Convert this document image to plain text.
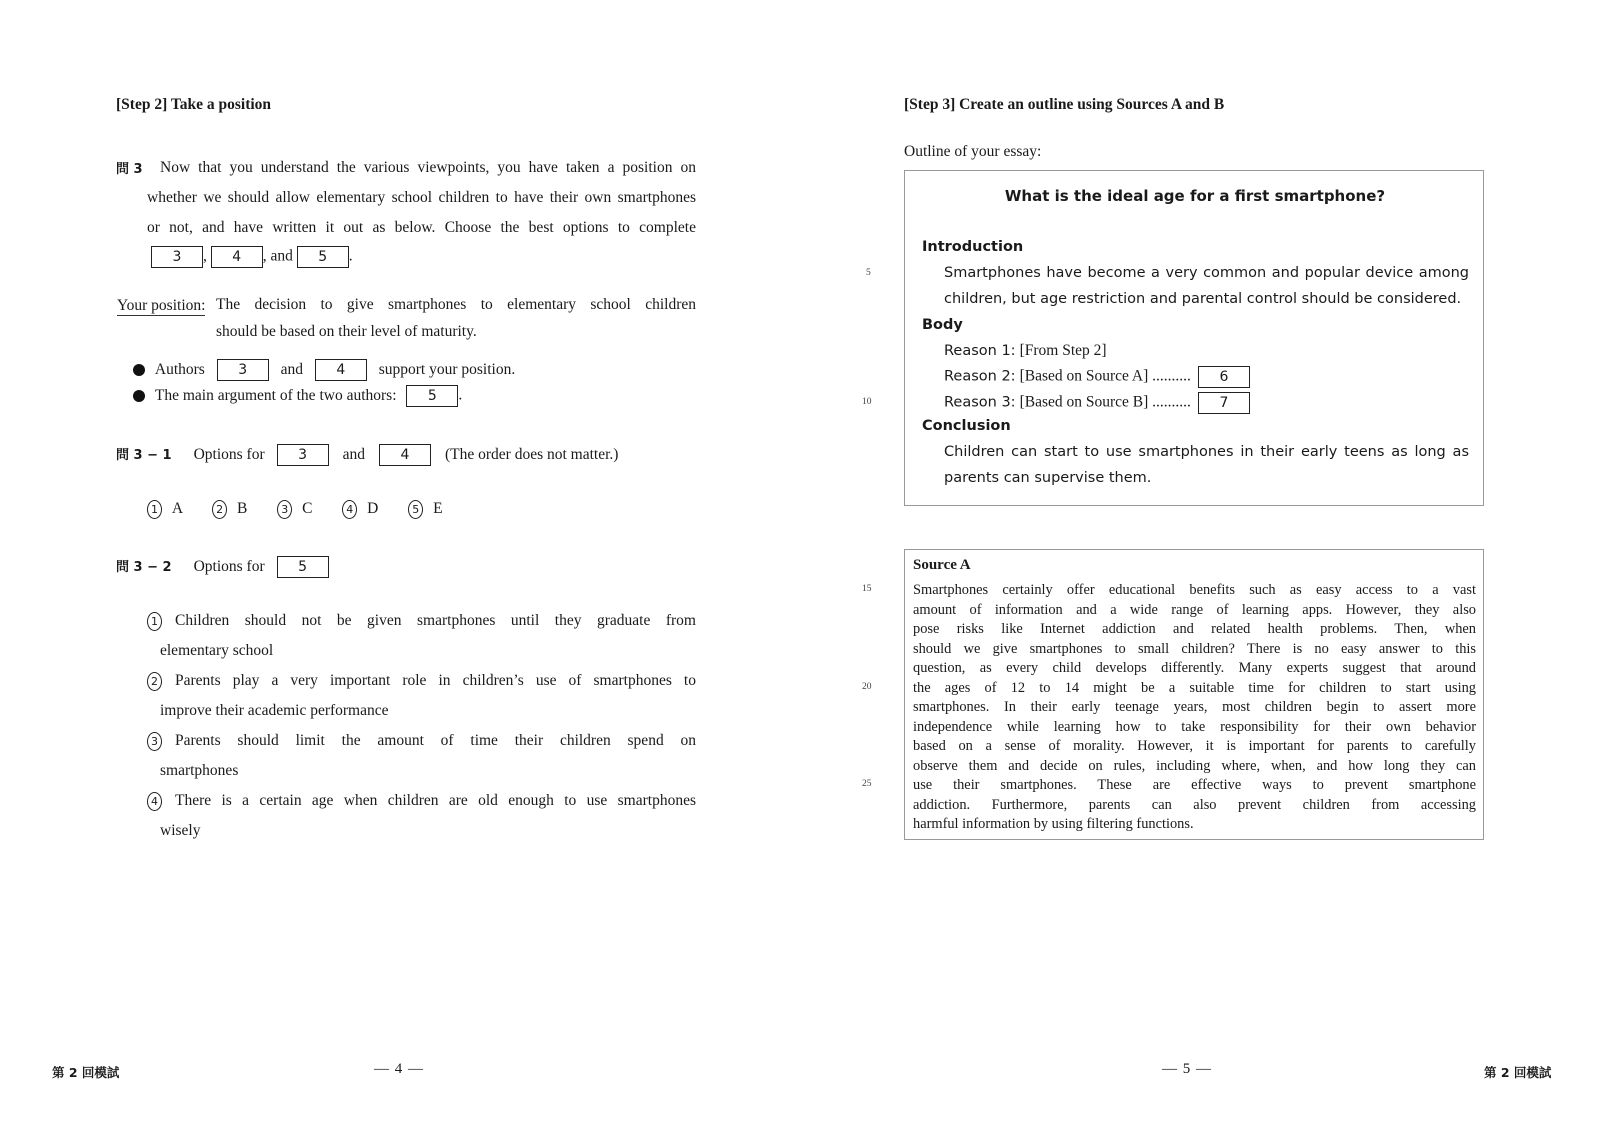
[Step 2] Take a position
問 3 Now that you understand the various viewpoints, you have taken a position on
whether we should allow elementary school children to have their own smartphones
or not, and have written it out as below. Choose the best options to complete
3 , 4 , and 5 .
Your position: The decision to give smartphones to elementary school children
should be based on their level of maturity.
Authors 3 and 4 support your position.
The main argument of the two authors: 5 .
問 3 − 1 Options for 3 and	4 (The order does not matter.)
1 A	2 B	3 C	4 D	5 E
問 3 − 2 Options for 5
1 Children should not be given smartphones until they graduate from
elementary school
2 Parents play a very important role in children’s use of smartphones to
improve their academic performance
3 Parents should limit the amount of time their children spend on
smartphones
4 There is a certain age when children are old enough to use smartphones
wisely
第 2 回模試	— 4 —
[Step 3] Create an outline using Sources A and B
Outline of your essay:
What is the ideal age for a first smartphone?
Introduction
Smartphones have become a very common and popular device among
children, but age restriction and parental control should be considered.
Body
Reason 1: [From Step 2]
Reason 2: [Based on Source A] .......... 6
Reason 3: [Based on Source B] .......... 7
Conclusion
Children can start to use smartphones in their early teens as long as
parents can supervise them.
5
10
15
20
25
Source A
Smartphones certainly offer educational benefits such as easy access to a vast
amount of information and a wide range of learning apps. However, they also
pose risks like Internet addiction and related health problems. Then, when
should we give smartphones to small children? There is no easy answer to this
question, as every child develops differently. Many experts suggest that around
the ages of 12 to 14 might be a suitable time for children to start using
smartphones. In their early teenage years, most children begin to assert more
independence while learning how to take responsibility for their own behavior
based on a sense of morality. However, it is important for parents to carefully
observe them and decide on rules, including where, when, and how long they can
use their smartphones. These are effective ways to prevent smartphone
addiction. Furthermore, parents can also prevent children from accessing
harmful information by using filtering functions.
— 5 —	第 2 回模試
